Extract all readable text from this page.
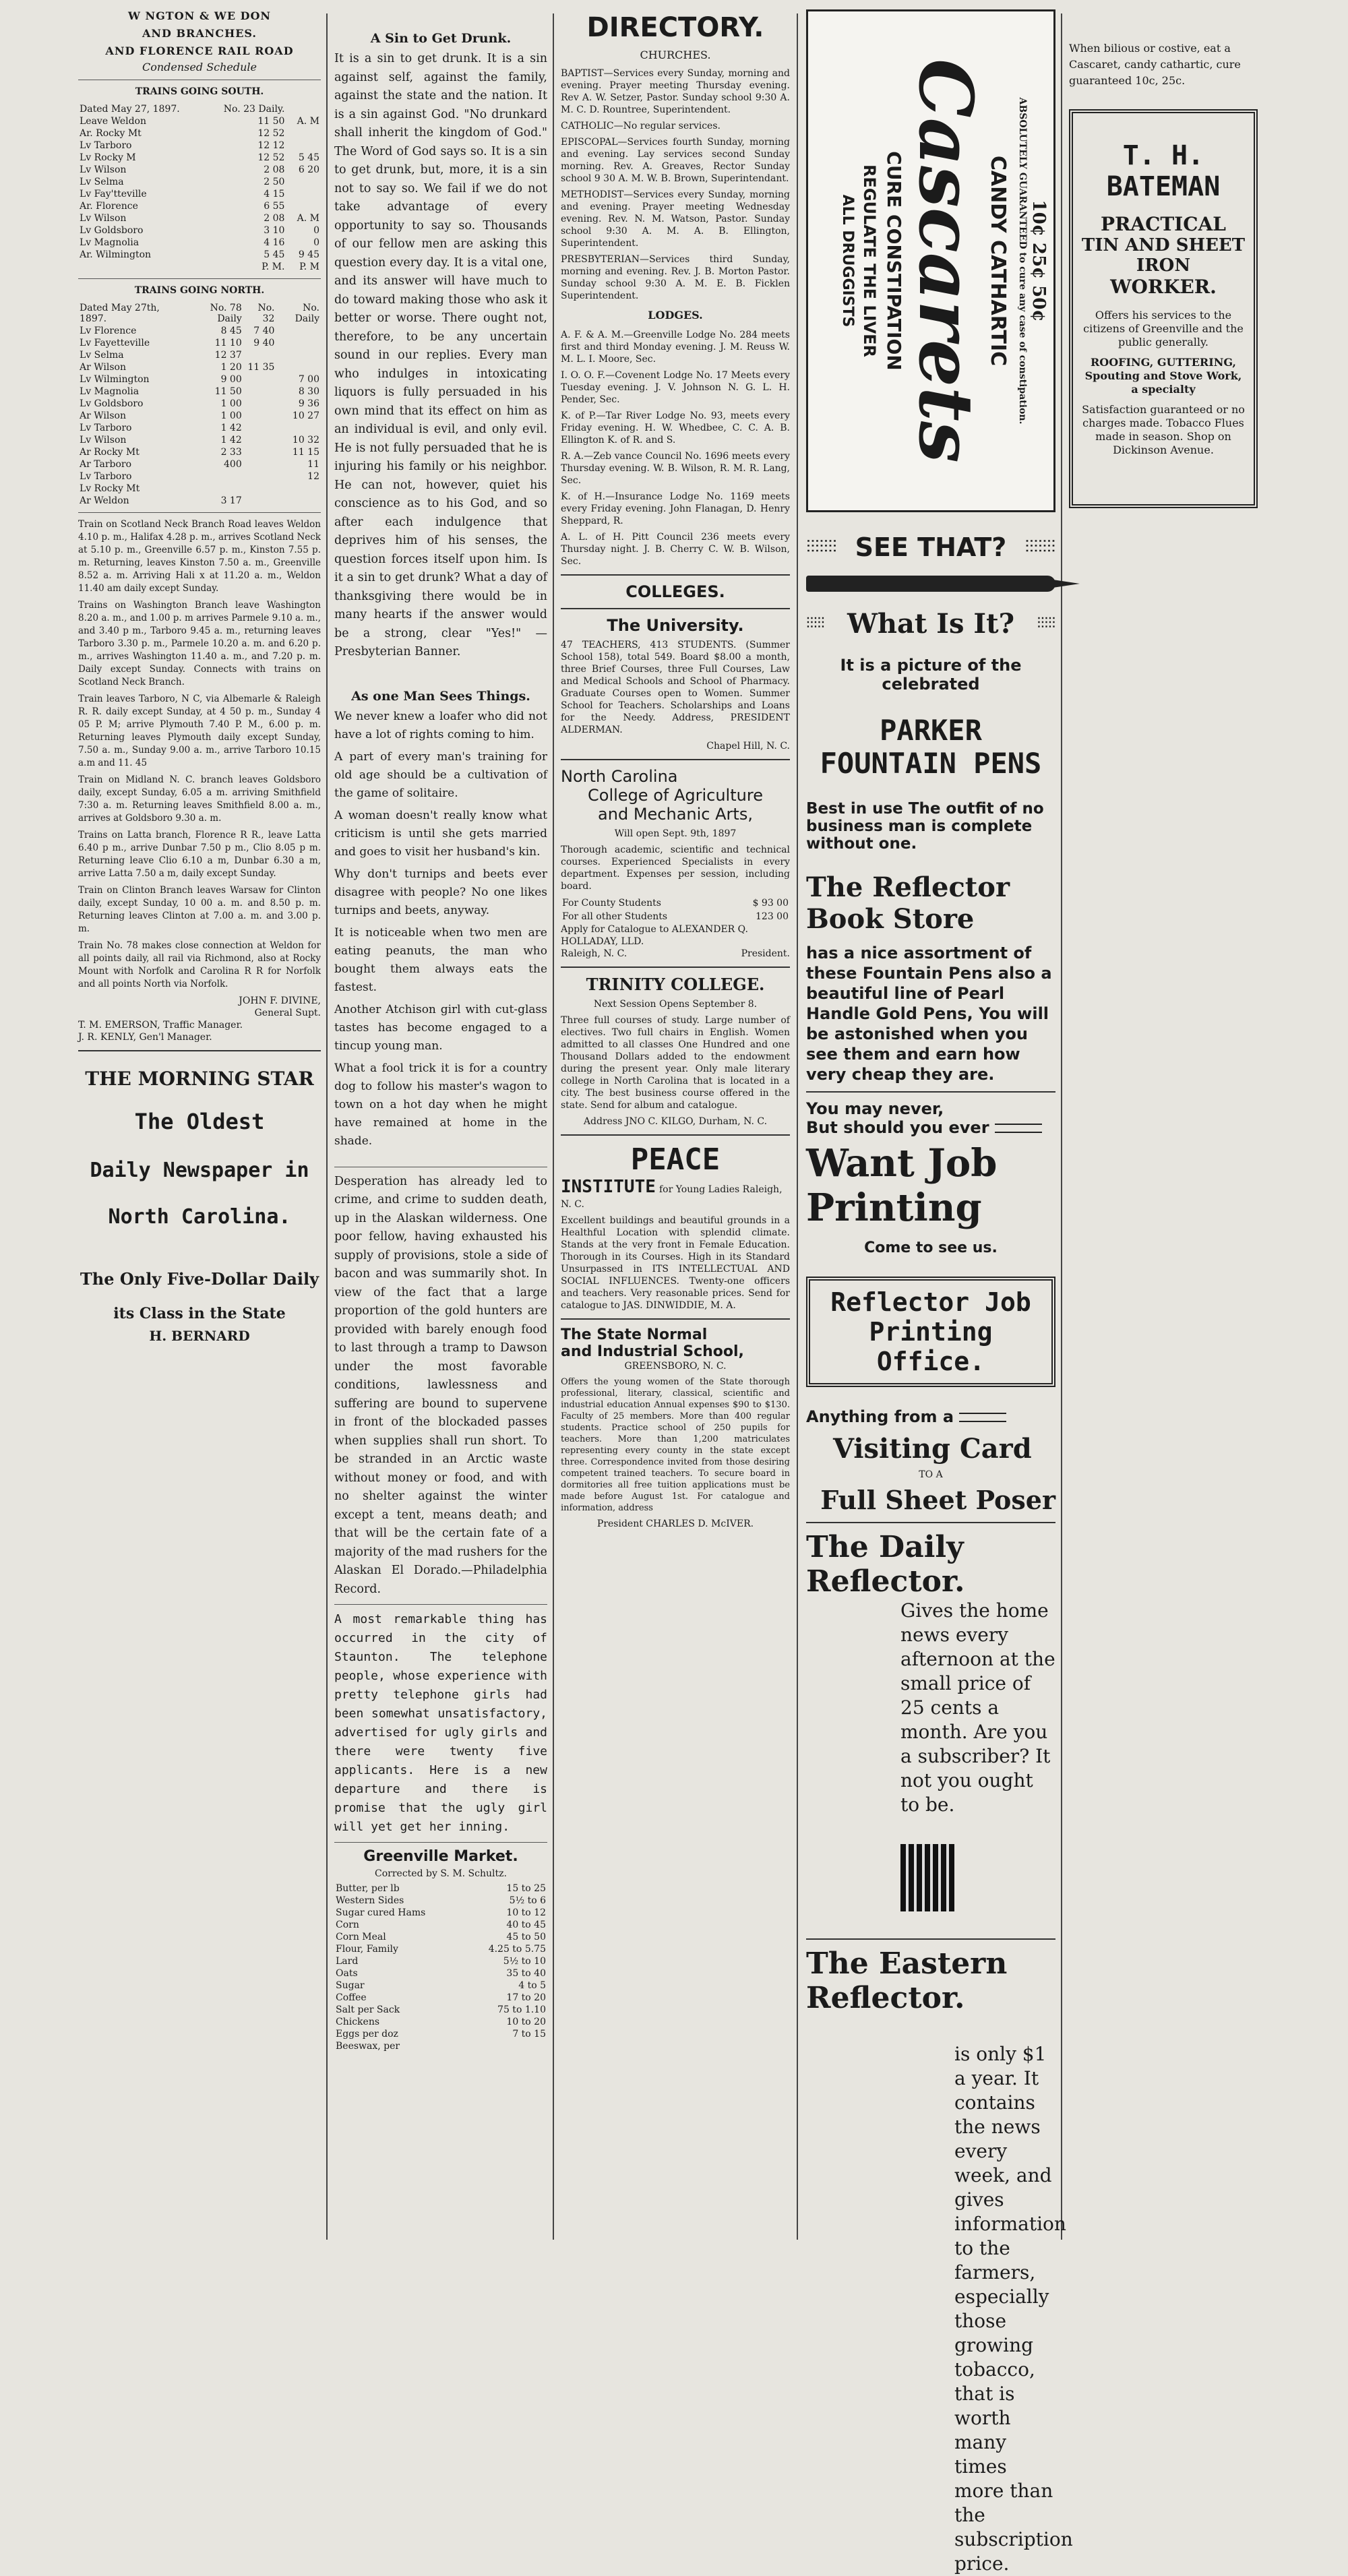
W NGTON & WE DON
AND BRANCHES.
AND FLORENCE RAIL ROAD
Condensed Schedule
TRAINS GOING SOUTH.
Dated May 27, 1897.	No. 23 Daily.		
Leave Weldon	11 50		A. M
Ar. Rocky Mt	12 52		
Lv Tarboro	12 12		
Lv Rocky M	12 52		5 45
Lv Wilson	2 08		6 20
Lv Selma	2 50		
Lv Fay'tteville	4 15		
Ar. Florence	6 55		
Lv Wilson	2 08		A. M
Lv Goldsboro	3 10		0
Lv Magnolia	4 16		0
Ar. Wilmington	5 45		9 45
	P. M.		P. M
TRAINS GOING NORTH.
Dated May 27th, 1897.	No. 78 Daily	No. 32	No. Daily
Lv Florence	8 45	7 40	
Lv Fayetteville	11 10	9 40	
Lv Selma	12 37		
Ar Wilson	1 20	11 35	
Lv Wilmington	9 00		7 00
Lv Magnolia	11 50		8 30
Lv Goldsboro	1 00		9 36
Ar Wilson	1 00		10 27
Lv Tarboro	1 42		
Lv Wilson	1 42		10 32
Ar Rocky Mt	2 33		11 15
Ar Tarboro	400		11
Lv Tarboro			12
Lv Rocky Mt			
Ar Weldon	3 17		

Train on Scotland Neck Branch Road leaves Weldon 4.10 p. m., Halifax 4.28 p. m., arrives Scotland Neck at 5.10 p. m., Greenville 6.57 p. m., Kinston 7.55 p. m. Returning, leaves Kinston 7.50 a. m., Greenville 8.52 a. m. Arriving Hali x at 11.20 a. m., Weldon 11.40 am daily except Sunday.

Trains on Washington Branch leave Washington 8.20 a. m., and 1.00 p. m arrives Parmele 9.10 a. m., and 3.40 p m., Tarboro 9.45 a. m., returning leaves Tarboro 3.30 p. m., Parmele 10.20 a. m. and 6.20 p. m., arrives Washington 11.40 a. m., and 7.20 p. m. Daily except Sunday. Connects with trains on Scotland Neck Branch.

Train leaves Tarboro, N C, via Albemarle & Raleigh R. R. daily except Sunday, at 4 50 p. m., Sunday 4 05 P. M; arrive Plymouth 7.40 P. M., 6.00 p. m. Returning leaves Plymouth daily except Sunday, 7.50 a. m., Sunday 9.00 a. m., arrive Tarboro 10.15 a.m and 11. 45

Train on Midland N. C. branch leaves Goldsboro daily, except Sunday, 6.05 a m. arriving Smithfield 7:30 a. m. Returning leaves Smithfield 8.00 a. m., arrives at Goldsboro 9.30 a. m.

Trains on Latta branch, Florence R R., leave Latta 6.40 p m., arrive Dunbar 7.50 p m., Clio 8.05 p m. Returning leave Clio 6.10 a m, Dunbar 6.30 a m, arrive Latta 7.50 a m, daily except Sunday.

Train on Clinton Branch leaves Warsaw for Clinton daily, except Sunday, 10 00 a. m. and 8.50 p. m. Returning leaves Clinton at 7.00 a. m. and 3.00 p. m.

Train No. 78 makes close connection at Weldon for all points daily, all rail via Richmond, also at Rocky Mount with Norfolk and Carolina R R for Norfolk and all points North via Norfolk.

JOHN F. DIVINE,
General Supt.
T. M. EMERSON, Traffic Manager.
J. R. KENLY, Gen'l Manager.
THE MORNING STAR
The Oldest
Daily Newspaper in
North Carolina.
The Only Five-Dollar Daily
its Class in the State
H. BERNARD
A Sin to Get Drunk.

It is a sin to get drunk. It is a sin against self, against the family, against the state and the nation. It is a sin against God. "No drunkard shall inherit the kingdom of God." The Word of God says so. It is a sin to get drunk, but, more, it is a sin not to say so. We fail if we do not take advantage of every opportunity to say so. Thousands of our fellow men are asking this question every day. It is a vital one, and its answer will have much to do toward making those who ask it better or worse. There ought not, therefore, to be any uncertain sound in our replies. Every man who indulges in intoxicating liquors is fully persuaded in his own mind that its effect on him as an individual is evil, and only evil. He is not fully persuaded that he is injuring his family or his neighbor. He can not, however, quiet his conscience as to his God, and so after each indulgence that deprives him of his senses, the question forces itself upon him. Is it a sin to get drunk? What a day of thanksgiving there would be in many hearts if the answer would be a strong, clear "Yes!" —Presbyterian Banner.

As one Man Sees Things.

We never knew a loafer who did not have a lot of rights coming to him.

A part of every man's training for old age should be a cultivation of the game of solitaire.

A woman doesn't really know what criticism is until she gets married and goes to visit her husband's kin.

Why don't turnips and beets ever disagree with people? No one likes turnips and beets, anyway.

It is noticeable when two men are eating peanuts, the man who bought them always eats the fastest.

Another Atchison girl with cut-glass tastes has become engaged to a tincup young man.

What a fool trick it is for a country dog to follow his master's wagon to town on a hot day when he might have remained at home in the shade.

Desperation has already led to crime, and crime to sudden death, up in the Alaskan wilderness. One poor fellow, having exhausted his supply of provisions, stole a side of bacon and was summarily shot. In view of the fact that a large proportion of the gold hunters are provided with barely enough food to last through a tramp to Dawson under the most favorable conditions, lawlessness and suffering are bound to supervene in front of the blockaded passes when supplies shall run short. To be stranded in an Arctic waste without money or food, and with no shelter against the winter except a tent, means death; and that will be the certain fate of a majority of the mad rushers for the Alaskan El Dorado.—Philadelphia Record.

A most remarkable thing has occurred in the city of Staunton. The telephone people, whose experience with pretty telephone girls had been somewhat unsatisfactory, advertised for ugly girls and there were twenty five applicants. Here is a new departure and there is promise that the ugly girl will yet get her inning.

Greenville Market.
Corrected by S. M. Schultz.
Butter, per lb	15 to 25
Western Sides	5½ to 6
Sugar cured Hams	10 to 12
Corn	40 to 45
Corn Meal	45 to 50
Flour, Family	4.25 to 5.75
Lard	5½ to 10
Oats	35 to 40
Sugar	4 to 5
Coffee	17 to 20
Salt per Sack	75 to 1.10
Chickens	10 to 20
Eggs per doz	7 to 15
Beeswax, per	
DIRECTORY.
CHURCHES.

BAPTIST—Services every Sunday, morning and evening. Prayer meeting Thursday evening. Rev A. W. Setzer, Pastor. Sunday school 9:30 A. M. C. D. Rountree, Superintendent.

CATHOLIC—No regular services.

EPISCOPAL—Services fourth Sunday, morning and evening. Lay services second Sunday morning. Rev. A. Greaves, Rector Sunday school 9 30 A. M. W. B. Brown, Superintendant.

METHODIST—Services every Sunday, morning and evening. Prayer meeting Wednesday evening. Rev. N. M. Watson, Pastor. Sunday school 9:30 A. M. A. B. Ellington, Superintendent.

PRESBYTERIAN—Services third Sunday, morning and evening. Rev. J. B. Morton Pastor. Sunday school 9:30 A. M. E. B. Ficklen Superintendent.

LODGES.

A. F. & A. M.—Greenville Lodge No. 284 meets first and third Monday evening. J. M. Reuss W. M. L. I. Moore, Sec.

I. O. O. F.—Covenent Lodge No. 17 Meets every Tuesday evening. J. V. Johnson N. G. L. H. Pender, Sec.

K. of P.—Tar River Lodge No. 93, meets every Friday evening. H. W. Whedbee, C. C. A. B. Ellington K. of R. and S.

R. A.—Zeb vance Council No. 1696 meets every Thursday evening. W. B. Wilson, R. M. R. Lang, Sec.

K. of H.—Insurance Lodge No. 1169 meets every Friday evening. John Flanagan, D. Henry Sheppard, R.

A. L. of H. Pitt Council 236 meets every Thursday night. J. B. Cherry C. W. B. Wilson, Sec.

COLLEGES.
The University.

47 TEACHERS, 413 STUDENTS. (Summer School 158), total 549. Board $8.00 a month, three Brief Courses, three Full Courses, Law and Medical Schools and School of Pharmacy. Graduate Courses open to Women. Summer School for Teachers. Scholarships and Loans for the Needy. Address, PRESIDENT ALDERMAN.

Chapel Hill, N. C.
North Carolina
College of Agriculture
and Mechanic Arts,
Will open Sept. 9th, 1897

Thorough academic, scientific and technical courses. Experienced Specialists in every department. Expenses per session, including board.

For County Students	$ 93 00
For all other Students	123 00
Apply for Catalogue to ALEXANDER Q. HOLLADAY, LLD.
Raleigh, N. C.	President.
TRINITY COLLEGE.
Next Session Opens September 8.

Three full courses of study. Large number of electives. Two full chairs in English. Women admitted to all classes One Hundred and one Thousand Dollars added to the endowment during the present year. Only male literary college in North Carolina that is located in a city. The best business course offered in the state. Send for album and catalogue.

Address JNO C. KILGO, Durham, N. C.
PEACE
INSTITUTE for Young Ladies Raleigh, N. C.

Excellent buildings and beautiful grounds in a Healthful Location with splendid climate. Stands at the very front in Female Education. Thorough in its Courses. High in its Standard Unsurpassed in ITS INTELLECTUAL AND SOCIAL INFLUENCES. Twenty-one officers and teachers. Very reasonable prices. Send for catalogue to JAS. DINWIDDIE, M. A.

The State Normal
and Industrial School,
GREENSBORO, N. C.

Offers the young women of the State thorough professional, literary, classical, scientific and industrial education Annual expenses $90 to $130. Faculty of 25 members. More than 400 regular students. Practice school of 250 pupils for teachers. More than 1,200 matriculates representing every county in the state except three. Correspondence invited from those desiring competent trained teachers. To secure board in dormitories all free tuition applications must be made before August 1st. For catalogue and information, address

President CHARLES D. McIVER.
10¢ 25¢ 50¢
ABSOLUTELY GUARANTEED to cure any case of constipation.
CANDY CATHARTIC
Cascarets
CURE CONSTIPATION
REGULATE THE LIVER
ALL DRUGGISTS
⫶⫶⫶⫶⫶⫶⫶ SEE THAT? ⫶⫶⫶⫶⫶⫶⫶
⫶⫶⫶⫶⫶ What Is It? ⫶⫶⫶⫶⫶
It is a picture of the celebrated
PARKER FOUNTAIN PENS
Best in use The outfit of no business man is complete without one.
The Reflector Book Store
has a nice assortment of these Fountain Pens also a beautiful line of Pearl Handle Gold Pens, You will be astonished when you see them and earn how very cheap they are.
You may never,
But should you ever
Want Job Printing
Come to see us.
Reflector Job Printing Office.
Anything from a
Visiting Card
TO A
Full Sheet Poser
The Daily Reflector.
Gives the home news every afternoon at the small price of 25 cents a month. Are you a subscriber? It not you ought to be.
The Eastern Reflector.
is only $1 a year. It contains the news every week, and gives information to the farmers, especially those growing tobacco, that is worth many times more than the subscription price.
When bilious or costive, eat a Cascaret, candy cathartic, cure guaranteed 10c, 25c.
T. H. BATEMAN
PRACTICAL
TIN AND SHEET IRON
WORKER.
Offers his services to the citizens of Greenville and the public generally.
ROOFING, GUTTERING, Spouting and Stove Work, a specialty
Satisfaction guaranteed or no charges made. Tobacco Flues made in season. Shop on Dickinson Avenue.
